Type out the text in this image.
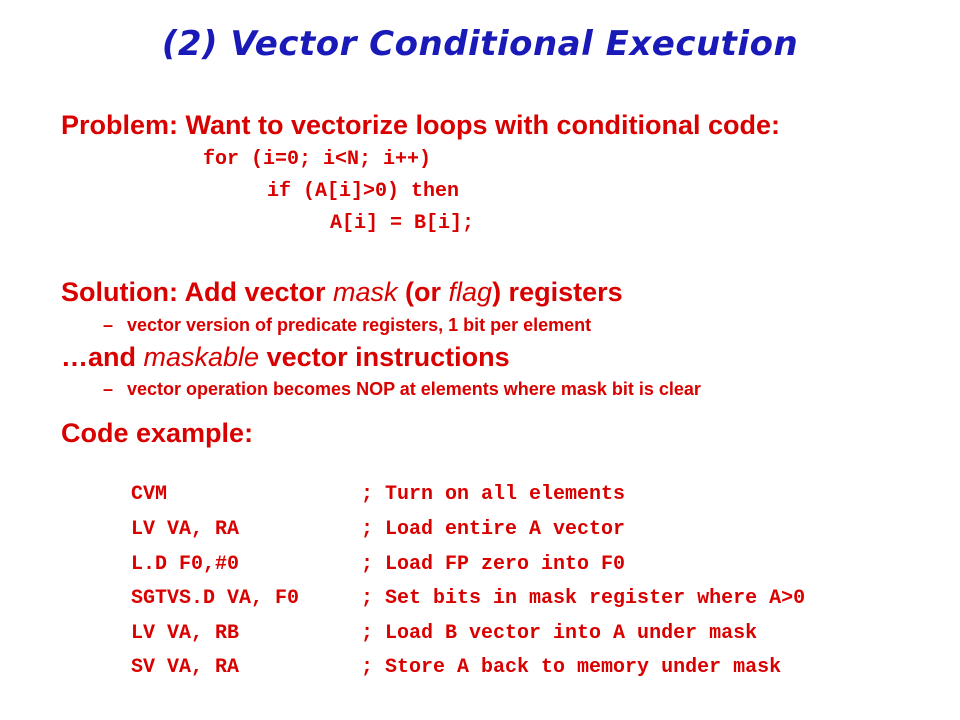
(2) Vector Conditional Execution
Problem: Want to vectorize loops with conditional code:
for (i=0; i<N; i++)
if (A[i]>0) then
A[i] = B[i];
Solution: Add vector mask (or flag) registers
– vector version of predicate registers, 1 bit per element
…and maskable vector instructions
– vector operation becomes NOP at elements where mask bit is clear
Code example:

CVM	; Turn on all elements

LV VA, RA	; Load entire A vector

L.D F0,#0	; Load FP zero into F0

SGTVS.D VA, F0	; Set bits in mask register where A>0

LV VA, RB	; Load B vector into A under mask

SV VA, RA	; Store A back to memory under mask
